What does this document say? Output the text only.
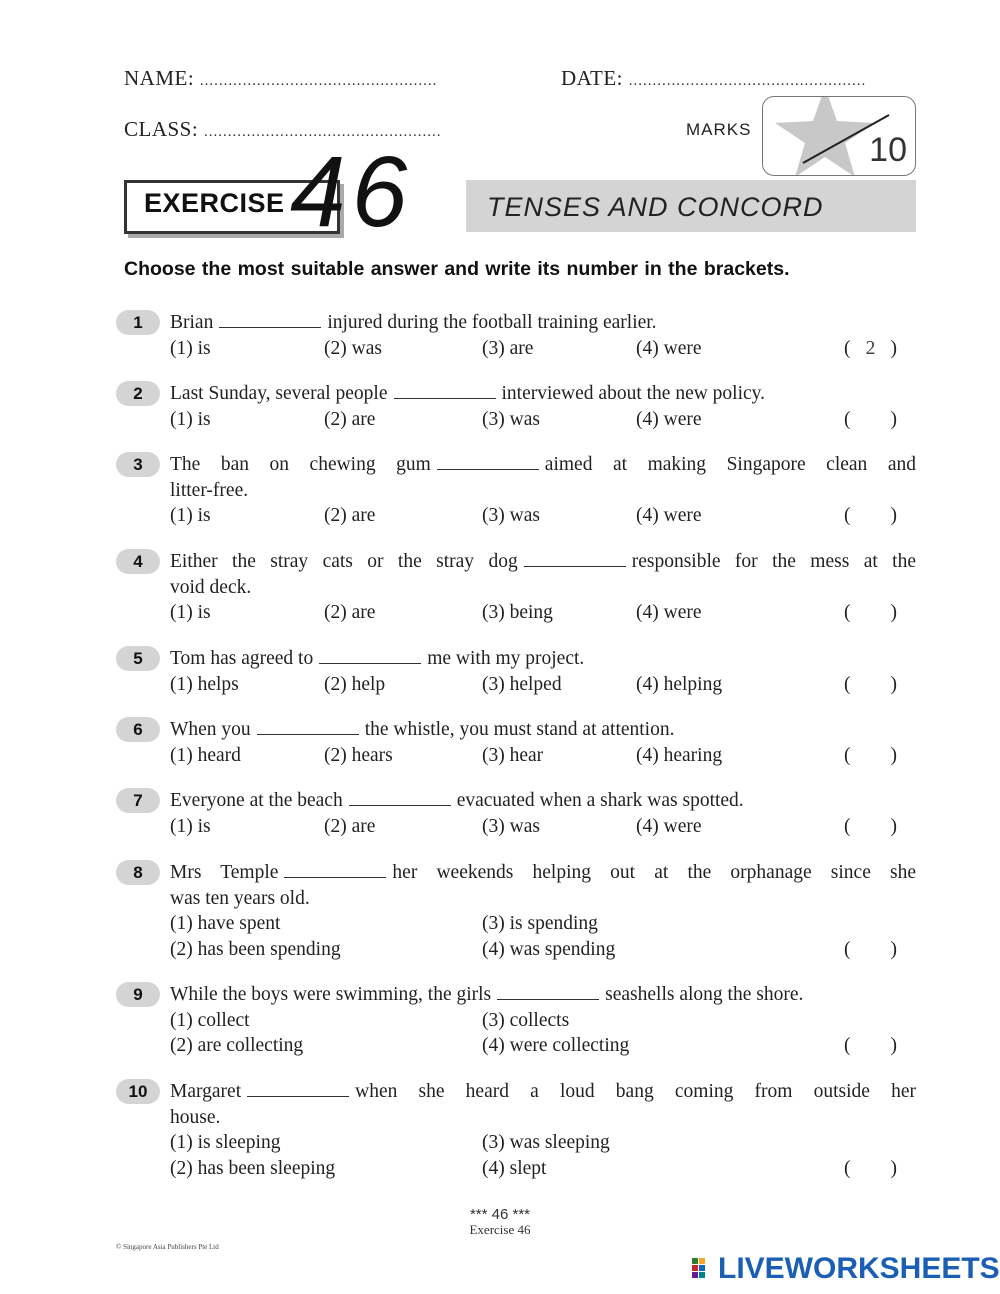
NAME: ..................................................	DATE: ..................................................
CLASS: ..................................................	10
MARKS
EXERCISE 46	TENSES AND CONCORD
Choose the most suitable answer and write its number in the brackets.
1	Brian	injured during the football training earlier.
(1) is	(2) was	(3) are	(4) were	( 2 )
2	Last Sunday, several people	interviewed about the new policy.
(1) is	(2) are	(3) was	(4) were	( )
3	The ban on chewing gum	aimed at making Singapore clean and
litter-free.
(1) is	(2) are	(3) was	(4) were	( )
4	Either the stray cats or the stray dog	responsible for the mess at the
void deck.
(1) is	(2) are	(3) being	(4) were	( )
5	Tom has agreed to	me with my project.
(1) helps	(2) help	(3) helped	(4) helping	( )
6	When you	the whistle, you must stand at attention.
(1) heard	(2) hears	(3) hear	(4) hearing	( )
7	Everyone at the beach	evacuated when a shark was spotted.
(1) is	(2) are	(3) was	(4) were	( )
8	Mrs Temple	her weekends helping out at the orphanage since she
was ten years old.
(1) have spent	(3) is spending
(2) has been spending	(4) was spending	( )
9	While the boys were swimming, the girls	seashells along the shore.
(1) collect	(3) collects
(2) are collecting	(4) were collecting	( )
10	Margaret	when she heard a loud bang coming from outside her
house.
(1) is sleeping	(3) was sleeping
(2) has been sleeping	(4) slept	( )
*** 46 ***
Exercise 46
© Singapore Asia Publishers Pte Ltd
LIVEWORKSHEETS
